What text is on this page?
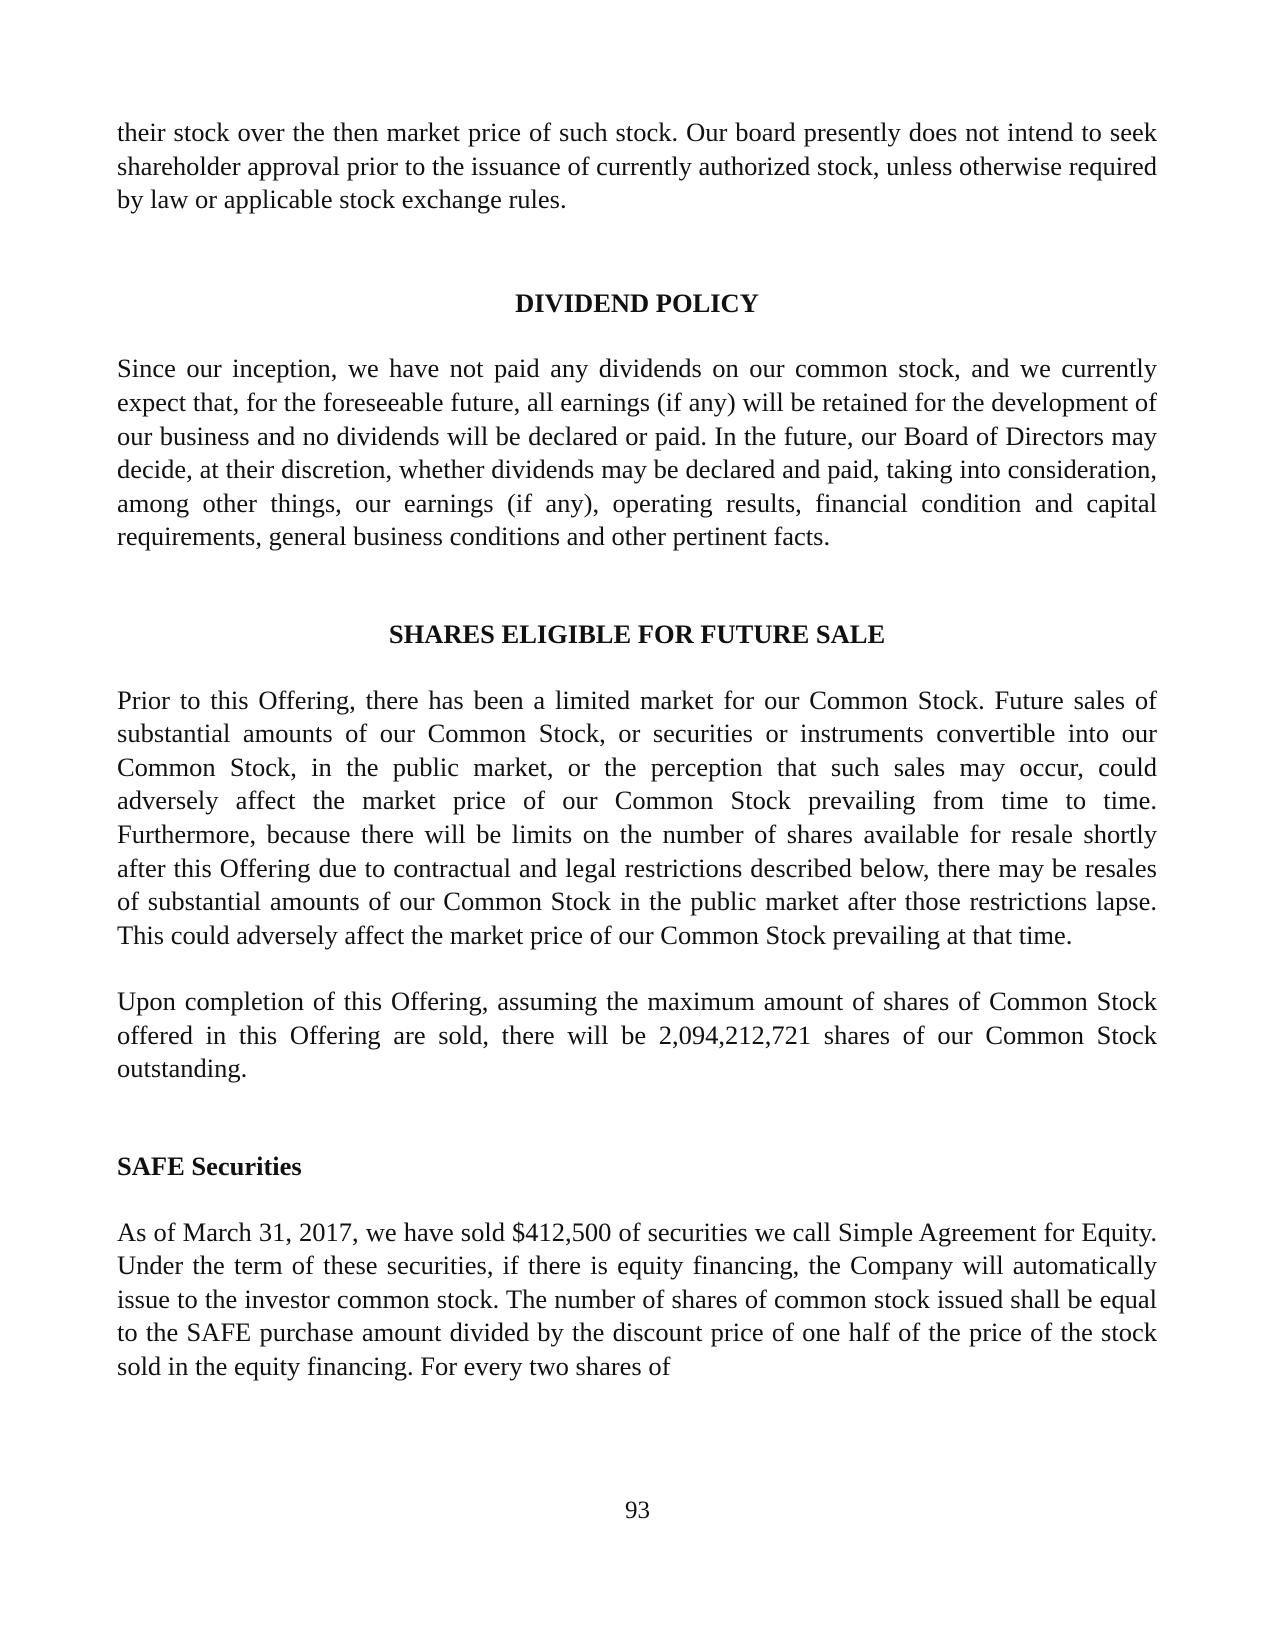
their stock over the then market price of such stock. Our board presently does not intend to seek shareholder approval prior to the issuance of currently authorized stock, unless otherwise required by law or applicable stock exchange rules.

DIVIDEND POLICY

Since our inception, we have not paid any dividends on our common stock, and we currently expect that, for the foreseeable future, all earnings (if any) will be retained for the development of our business and no dividends will be declared or paid. In the future, our Board of Directors may decide, at their discretion, whether dividends may be declared and paid, taking into consideration, among other things, our earnings (if any), operating results, financial condition and capital requirements, general business conditions and other pertinent facts.

SHARES ELIGIBLE FOR FUTURE SALE

Prior to this Offering, there has been a limited market for our Common Stock. Future sales of substantial amounts of our Common Stock, or securities or instruments convertible into our Common Stock, in the public market, or the perception that such sales may occur, could adversely affect the market price of our Common Stock prevailing from time to time. Furthermore, because there will be limits on the number of shares available for resale shortly after this Offering due to contractual and legal restrictions described below, there may be resales of substantial amounts of our Common Stock in the public market after those restrictions lapse. This could adversely affect the market price of our Common Stock prevailing at that time.

Upon completion of this Offering, assuming the maximum amount of shares of Common Stock offered in this Offering are sold, there will be 2,094,212,721 shares of our Common Stock outstanding.

SAFE Securities

As of March 31, 2017, we have sold $412,500 of securities we call Simple Agreement for Equity. Under the term of these securities, if there is equity financing, the Company will automatically issue to the investor common stock. The number of shares of common stock issued shall be equal to the SAFE purchase amount divided by the discount price of one half of the price of the stock sold in the equity financing. For every two shares of

93
